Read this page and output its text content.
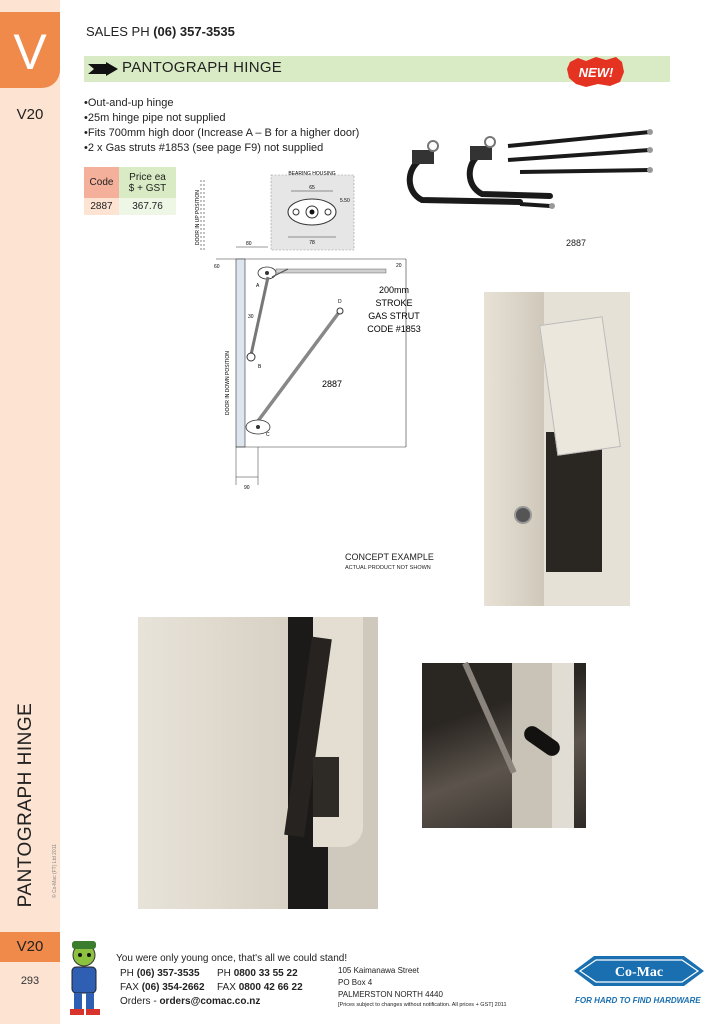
V
V20
PANTOGRAPH HINGE	© Co-Mac (FT) Ltd 2011
V20
293
SALES PH (06) 357-3535
PANTOGRAPH HINGE	NEW!
• Out-and-up hinge
• 25m hinge pipe not supplied
• Fits 700mm high door (Increase A – B for a higher door)
• 2 x Gas struts #1853 (see page F9) not supplied
Code	Price ea
$ + GST

2887	367.76
BEARING HOUSING
65
78
5.50
DOOR IN UP POSITION	80
60	20
DOOR IN DOWN POSITION
A
30
B
D
C
2887
200mm
STROKE
GAS STRUT
CODE #1853
90
2887
CONCEPT EXAMPLE
ACTUAL PRODUCT NOT SHOWN
You were only young once, that's all we could stand!
PH (06) 357-3535 PH 0800 33 55 22
FAX (06) 354-2662 FAX 0800 42 66 22
Orders - orders@comac.co.nz
105 Kaimanawa Street
PO Box 4
PALMERSTON NORTH 4440
[Prices subject to changes without notification. All prices + GST] 2011
Co-Mac
FOR HARD TO FIND HARDWARE
